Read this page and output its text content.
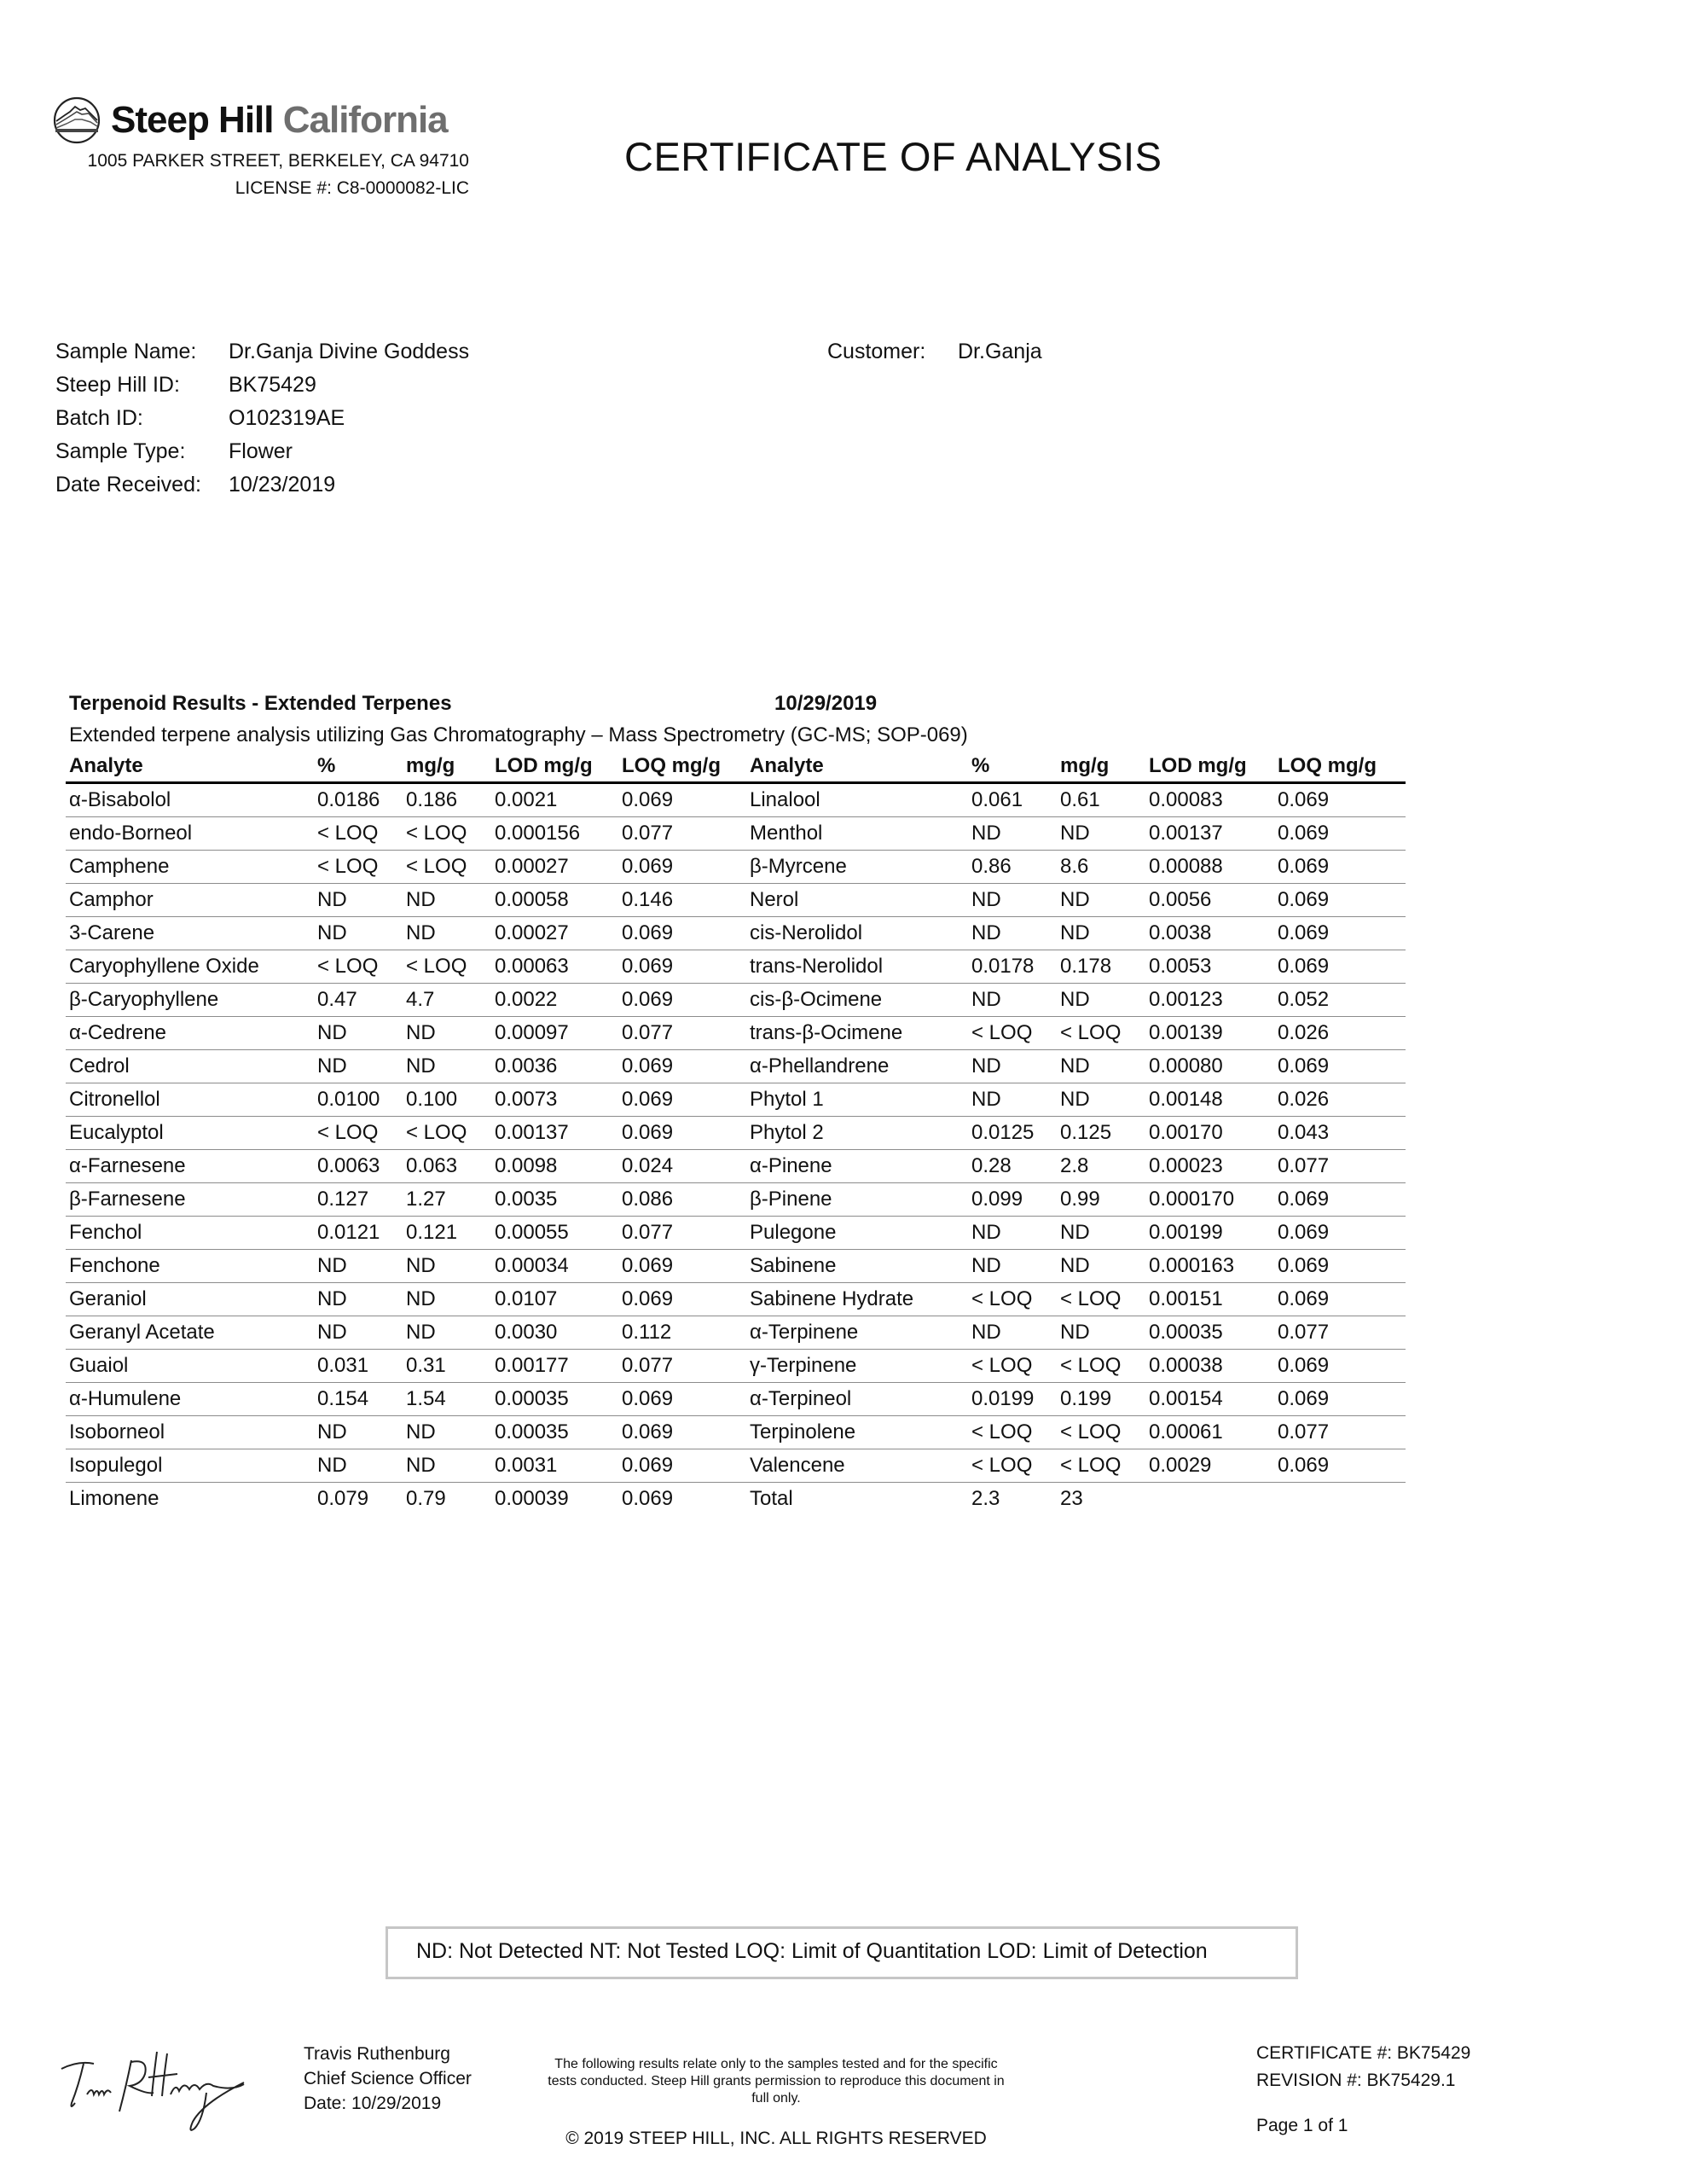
Steep Hill California
1005 PARKER STREET, BERKELEY, CA 94710
LICENSE #: C8-0000082-LIC
CERTIFICATE OF ANALYSIS
Sample Name: Dr.Ganja Divine Goddess
Steep Hill ID: BK75429
Batch ID:	O102319AE
Sample Type: Flower
Date Received: 10/23/2019
Customer: Dr.Ganja
Terpenoid Results - Extended Terpenes	10/29/2019
Extended terpene analysis utilizing Gas Chromatography – Mass Spectrometry (GC-MS; SOP-069)
Analyte	%	mg/g	LOD mg/g	LOQ mg/g	Analyte	%	mg/g	LOD mg/g	LOQ mg/g
α-Bisabolol	0.0186	0.186	0.0021	0.069	Linalool	0.061	0.61	0.00083	0.069
endo-Borneol	< LOQ	< LOQ	0.000156	0.077	Menthol	ND	ND	0.00137	0.069
Camphene	< LOQ	< LOQ	0.00027	0.069	β-Myrcene	0.86	8.6	0.00088	0.069
Camphor	ND	ND	0.00058	0.146	Nerol	ND	ND	0.0056	0.069
3-Carene	ND	ND	0.00027	0.069	cis-Nerolidol	ND	ND	0.0038	0.069
Caryophyllene Oxide	< LOQ	< LOQ	0.00063	0.069	trans-Nerolidol	0.0178	0.178	0.0053	0.069
β-Caryophyllene	0.47	4.7	0.0022	0.069	cis-β-Ocimene	ND	ND	0.00123	0.052
α-Cedrene	ND	ND	0.00097	0.077	trans-β-Ocimene	< LOQ	< LOQ	0.00139	0.026
Cedrol	ND	ND	0.0036	0.069	α-Phellandrene	ND	ND	0.00080	0.069
Citronellol	0.0100	0.100	0.0073	0.069	Phytol 1	ND	ND	0.00148	0.026
Eucalyptol	< LOQ	< LOQ	0.00137	0.069	Phytol 2	0.0125	0.125	0.00170	0.043
α-Farnesene	0.0063	0.063	0.0098	0.024	α-Pinene	0.28	2.8	0.00023	0.077
β-Farnesene	0.127	1.27	0.0035	0.086	β-Pinene	0.099	0.99	0.000170	0.069
Fenchol	0.0121	0.121	0.00055	0.077	Pulegone	ND	ND	0.00199	0.069
Fenchone	ND	ND	0.00034	0.069	Sabinene	ND	ND	0.000163	0.069
Geraniol	ND	ND	0.0107	0.069	Sabinene Hydrate	< LOQ	< LOQ	0.00151	0.069
Geranyl Acetate	ND	ND	0.0030	0.112	α-Terpinene	ND	ND	0.00035	0.077
Guaiol	0.031	0.31	0.00177	0.077	γ-Terpinene	< LOQ	< LOQ	0.00038	0.069
α-Humulene	0.154	1.54	0.00035	0.069	α-Terpineol	0.0199	0.199	0.00154	0.069
Isoborneol	ND	ND	0.00035	0.069	Terpinolene	< LOQ	< LOQ	0.00061	0.077
Isopulegol	ND	ND	0.0031	0.069	Valencene	< LOQ	< LOQ	0.0029	0.069
Limonene	0.079	0.79	0.00039	0.069	Total	2.3	23		
ND: Not Detected NT: Not Tested LOQ: Limit of Quantitation LOD: Limit of Detection
Travis Ruthenburg
Chief Science Officer
Date: 10/29/2019
The following results relate only to the samples tested and for the specific tests conducted. Steep Hill grants permission to reproduce this document in full only.
© 2019 STEEP HILL, INC. ALL RIGHTS RESERVED
CERTIFICATE #: BK75429
REVISION #: BK75429.1
Page 1 of 1
